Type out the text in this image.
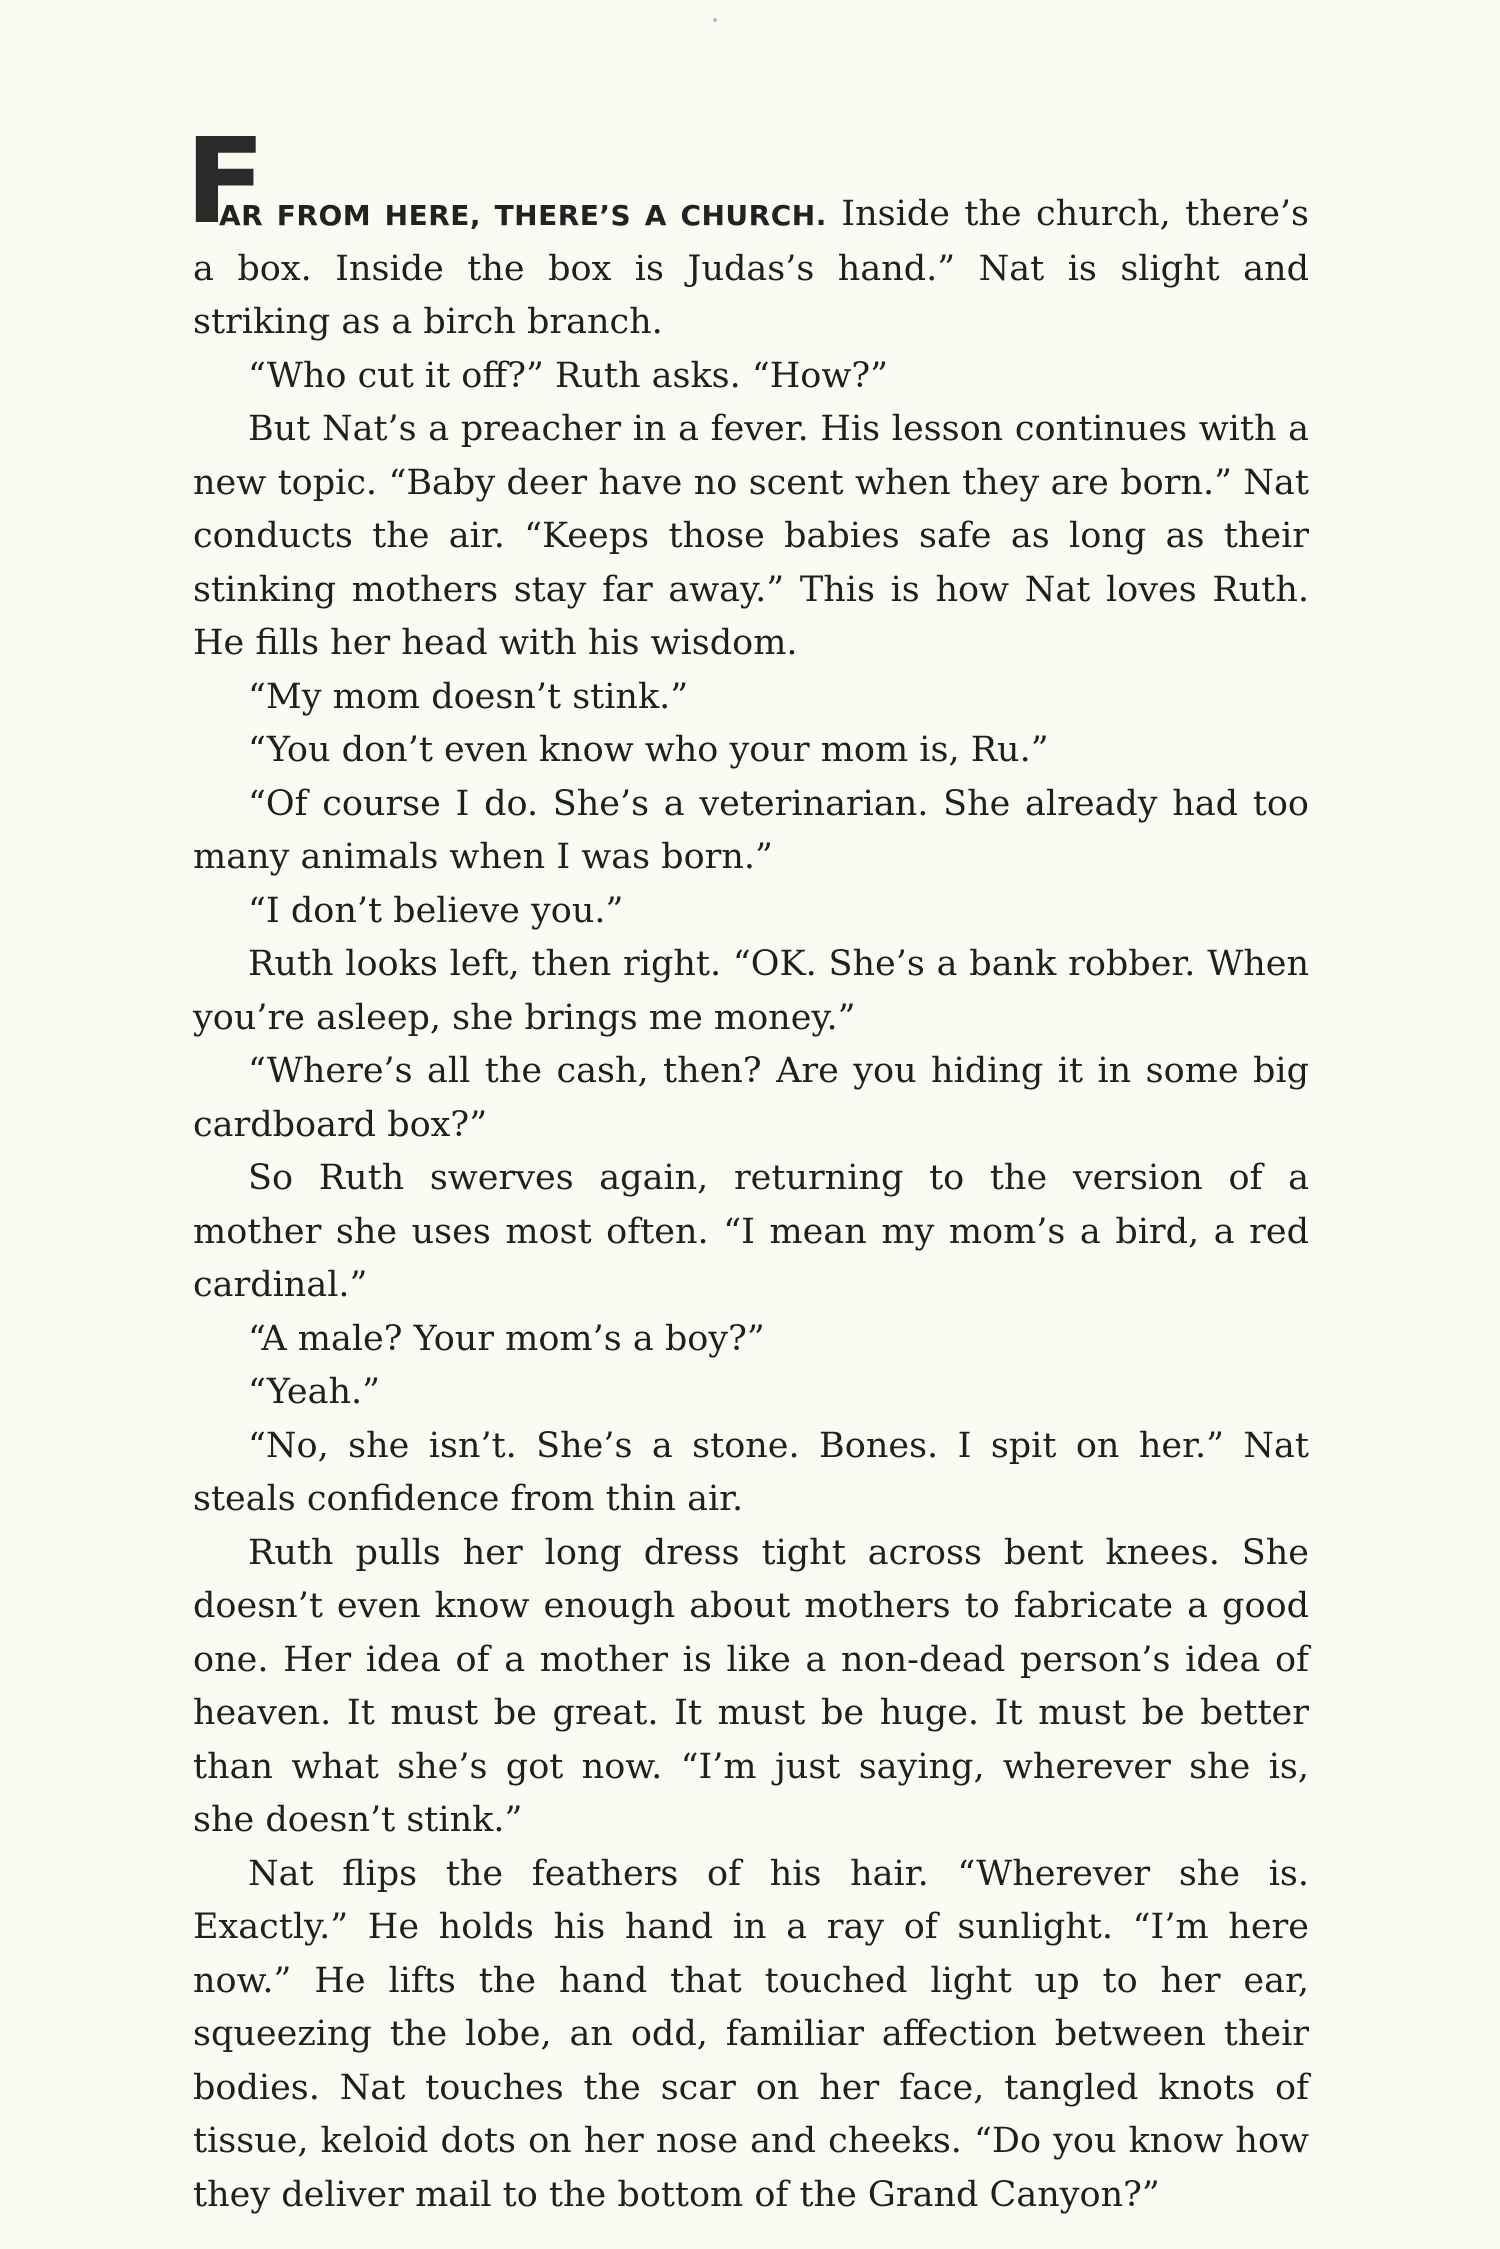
F
AR FROM HERE, THERE’S A CHURCH. Inside the church, there’s a box. Inside the box is Judas’s hand.” Nat is slight and striking as a birch branch.

“Who cut it off?” Ruth asks. “How?”

But Nat’s a preacher in a fever. His lesson continues with a new topic. “Baby deer have no scent when they are born.” Nat conducts the air. “Keeps those babies safe as long as their stinking mothers stay far away.” This is how Nat loves Ruth. He fills her head with his wisdom.

“My mom doesn’t stink.”

“You don’t even know who your mom is, Ru.”

“Of course I do. She’s a veterinarian. She already had too many animals when I was born.”

“I don’t believe you.”

Ruth looks left, then right. “OK. She’s a bank robber. When you’re asleep, she brings me money.”

“Where’s all the cash, then? Are you hiding it in some big cardboard box?”

So Ruth swerves again, returning to the version of a mother she uses most often. “I mean my mom’s a bird, a red cardinal.”

“A male? Your mom’s a boy?”

“Yeah.”

“No, she isn’t. She’s a stone. Bones. I spit on her.” Nat steals confidence from thin air.

Ruth pulls her long dress tight across bent knees. She doesn’t even know enough about mothers to fabricate a good one. Her idea of a mother is like a non-dead person’s idea of heaven. It must be great. It must be huge. It must be better than what she’s got now. “I’m just saying, wherever she is, she doesn’t stink.”

Nat flips the feathers of his hair. “Wherever she is. Exactly.” He holds his hand in a ray of sunlight. “I’m here now.” He lifts the hand that touched light up to her ear, squeezing the lobe, an odd, familiar affection between their bodies. Nat touches the scar on her face, tangled knots of tissue, keloid dots on her nose and cheeks. “Do you know how they deliver mail to the bottom of the Grand Canyon?”
